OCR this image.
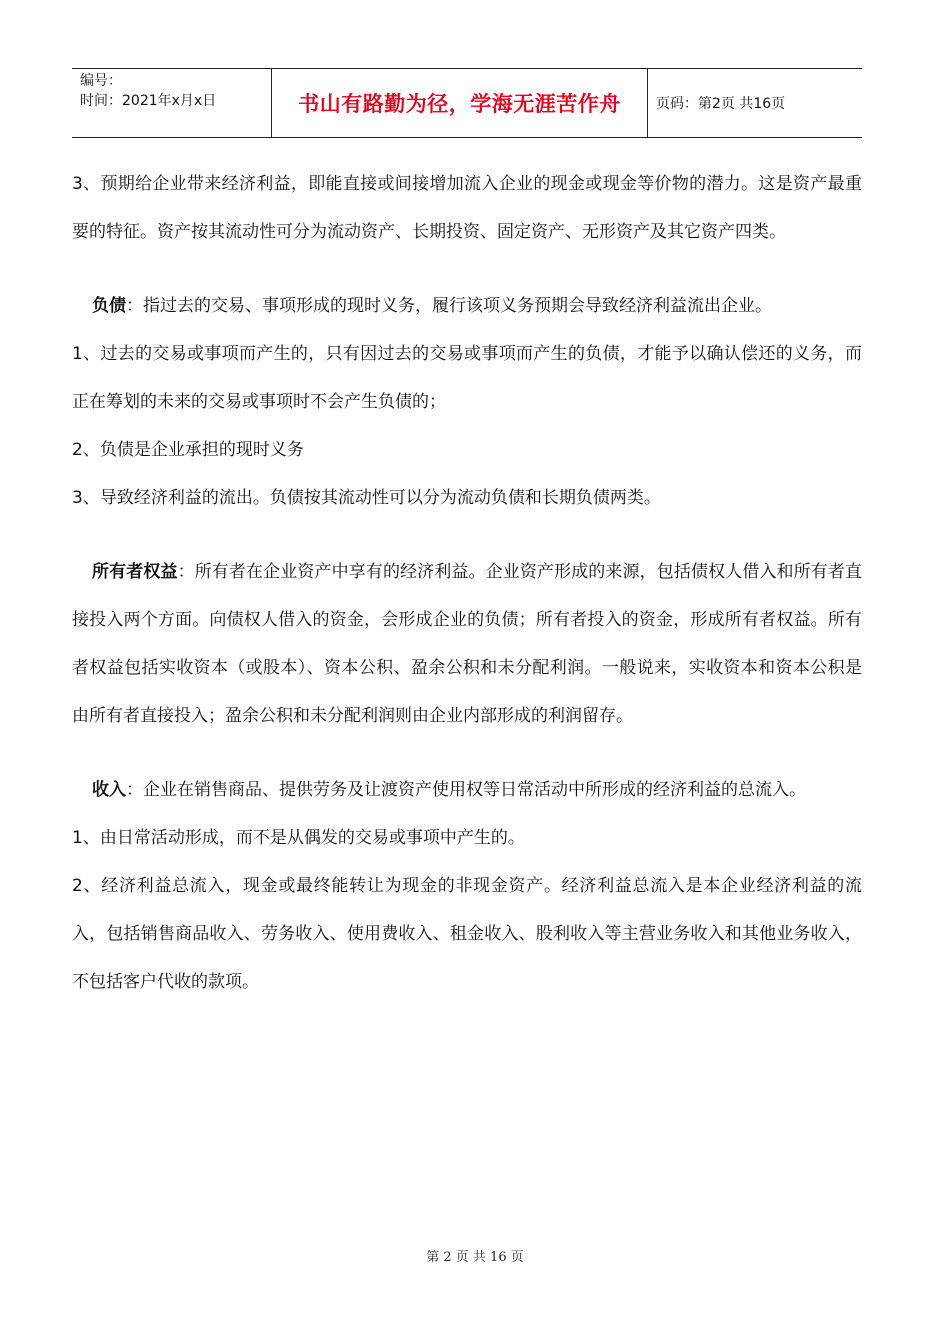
编号：
时间：2021年x月x日	书山有路勤为径，学海无涯苦作舟	页码：第2页 共16页

3、预期给企业带来经济利益，即能直接或间接增加流入企业的现金或现金等价物的潜力。这是资产最重要的特征。资产按其流动性可分为流动资产、长期投资、固定资产、无形资产及其它资产四类。

负债：指过去的交易、事项形成的现时义务，履行该项义务预期会导致经济利益流出企业。

1、过去的交易或事项而产生的，只有因过去的交易或事项而产生的负债，才能予以确认偿还的义务，而正在筹划的未来的交易或事项时不会产生负债的；

2、负债是企业承担的现时义务

3、导致经济利益的流出。负债按其流动性可以分为流动负债和长期负债两类。

所有者权益：所有者在企业资产中享有的经济利益。企业资产形成的来源，包括债权人借入和所有者直接投入两个方面。向债权人借入的资金，会形成企业的负债；所有者投入的资金，形成所有者权益。所有者权益包括实收资本（或股本）、资本公积、盈余公积和未分配利润。一般说来，实收资本和资本公积是由所有者直接投入；盈余公积和未分配利润则由企业内部形成的利润留存。

收入：企业在销售商品、提供劳务及让渡资产使用权等日常活动中所形成的经济利益的总流入。

1、由日常活动形成，而不是从偶发的交易或事项中产生的。

2、经济利益总流入，现金或最终能转让为现金的非现金资产。经济利益总流入是本企业经济利益的流入，包括销售商品收入、劳务收入、使用费收入、租金收入、股利收入等主营业务收入和其他业务收入，不包括客户代收的款项。

第 2 页 共 16 页
